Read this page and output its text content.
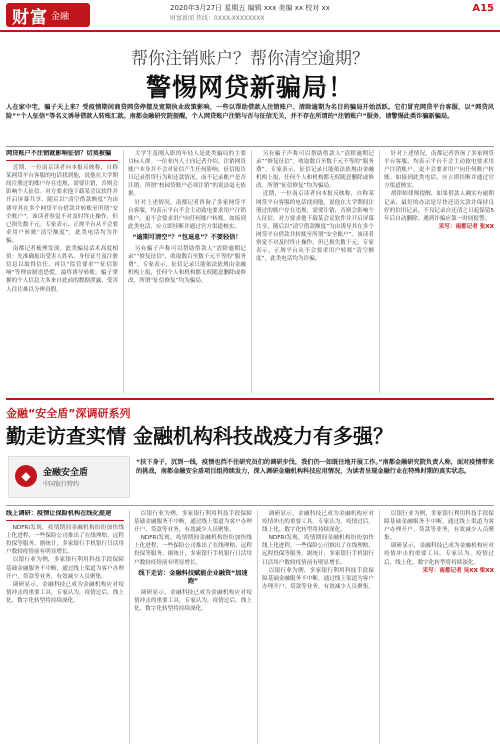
财富 金融
2020年3月27日 星期五 编辑 xxx 美编 xx 校对 xx
财富新闻 热线：0XXX-XXXXXXXX
A15
帮你注销账户？帮你清空逾期？
警惕网贷新骗局！
人在家中宅，骗子天上来？受疫情期间商贷网贷停摆及宽期执业政策影响，一些以帮助借款人注销账户、清除逾期为名目的骗局开始活跃。它们冒充网贷平台客服，以“网贷风险”“个人征信”等名义诱导借款人转账汇款。南都金融研究院提醒，个人网贷账户注销与否与征信无关，并不存在所谓的“注销账户”服务，请警惕此类诈骗新骗局。
网贷账户不注销就影响征信？切莫被骗

近期，一位南京读者向本报反映称，自称某网贷平台客服的电话找到他，说他在大学期间注册过的账户存在违规，需要注销，否则会影响个人征信。对方要求他下载某会议软件并开启屏幕共享，随后以“清空借款额度”为由诱导其在多个网贷平台借款并转账至所谓“安全账户”。该读者察觉不对及时终止操作，但已损失数千元。专家表示，正规平台从不会要求用户转账“清空额度”，此类电话均为诈骗。

南都记者梳理发现，此类骗局话术高度相似：先准确报出受害人姓名、身份证号及注册信息以取得信任，再以“监管要求”“征信影响”等理由制造恐慌，最终诱导转账。骗子掌握的个人信息大多来自此前的数据泄露，受害人往往难以分辨真假。

大学生及刚入职的年轻人是此类骗局的主要目标人群。一位业内人士向记者介绍，注销网贷账户本身并不会对征信产生任何影响，征信报告只记录借贷行为和还款情况，而不记录账户是否注销。所谓“校园贷账户必须注销”的说法毫无依据。

针对上述情况，南都记者咨询了多家网贷平台客服，均表示平台不会主动致电要求用户注销账户，更不会要求用户向任何账户转账。如接到此类电话，应立即挂断并通过官方渠道核实。

“逾期可清空”？“包退息”？不要轻信！

另有骗子声称可以帮助借款人“清除逾期记录”“修复征信”，收取数百至数千元不等的“服务费”。专家表示，征信记录只能依法依规由金融机构上报，任何个人和机构都无权随意删除或修改，所谓“征信修复”均为骗局。

另有骗子声称可以帮助借款人“清除逾期记录”“修复征信”，收取数百至数千元不等的“服务费”。专家表示，征信记录只能依法依规由金融机构上报，任何个人和机构都无权随意删除或修改，所谓“征信修复”均为骗局。

近期，一位南京读者向本报反映称，自称某网贷平台客服的电话找到他，说他在大学期间注册过的账户存在违规，需要注销，否则会影响个人征信。对方要求他下载某会议软件并开启屏幕共享，随后以“清空借款额度”为由诱导其在多个网贷平台借款并转账至所谓“安全账户”。该读者察觉不对及时终止操作，但已损失数千元。专家表示，正规平台从不会要求用户转账“清空额度”，此类电话均为诈骗。

针对上述情况，南都记者咨询了多家网贷平台客服，均表示平台不会主动致电要求用户注销账户，更不会要求用户向任何账户转账。如接到此类电话，应立即挂断并通过官方渠道核实。

胡律师律师提醒，如果借款人确实有逾期记录，最好的办法是尽快还清欠款并保持良好的信用记录，不良记录自还清之日起保留5年后自动删除。遇到诈骗应第一时间报警。

采写：南都记者 张XX
金融“安全盾”深调研系列
勤走访查实情 金融机构科技战疫力有多强？
◆	金融安全盾
中国银行特约
“扶下身子，沉到一线，疫情也挡不住研究员们的调研步伐，我们仍一如既往地开展工作。”南都金融研究院负责人称，面对疫情带来的挑战，南都金融安全盾项目组持续发力，深入调研金融机构科技应用情况，为读者呈现金融行业在特殊时期的真实状态。
线上调研：疫情让保险机构在线化提速

NDFRI发现，疫情期间金融机构纷纷加快线上化进程，一些保险公司推出了在线理赔、远程投保等服务。据统计，多家银行手机银行日活用户数较疫情前有明显增长。

以银行业为例，多家银行利用科技手段保障基础金融服务不中断，通过线上渠道为客户办理开户、贷款等业务，有效减少人员聚集。

调研显示，金融科技已成为金融机构应对疫情冲击的重要工具。专家认为，疫情过后，线上化、数字化转型将持续深化。

以银行业为例，多家银行利用科技手段保障基础金融服务不中断，通过线上渠道为客户办理开户、贷款等业务，有效减少人员聚集。

NDFRI发现，疫情期间金融机构纷纷加快线上化进程，一些保险公司推出了在线理赔、远程投保等服务。据统计，多家银行手机银行日活用户数较疫情前有明显增长。

线下走访：金融科技赋能企业融资“加速跑”

调研显示，金融科技已成为金融机构应对疫情冲击的重要工具。专家认为，疫情过后，线上化、数字化转型将持续深化。

调研显示，金融科技已成为金融机构应对疫情冲击的重要工具。专家认为，疫情过后，线上化、数字化转型将持续深化。

NDFRI发现，疫情期间金融机构纷纷加快线上化进程，一些保险公司推出了在线理赔、远程投保等服务。据统计，多家银行手机银行日活用户数较疫情前有明显增长。

以银行业为例，多家银行利用科技手段保障基础金融服务不中断，通过线上渠道为客户办理开户、贷款等业务，有效减少人员聚集。

以银行业为例，多家银行利用科技手段保障基础金融服务不中断，通过线上渠道为客户办理开户、贷款等业务，有效减少人员聚集。

调研显示，金融科技已成为金融机构应对疫情冲击的重要工具。专家认为，疫情过后，线上化、数字化转型将持续深化。

采写：南都记者 吴XX 梁XX
